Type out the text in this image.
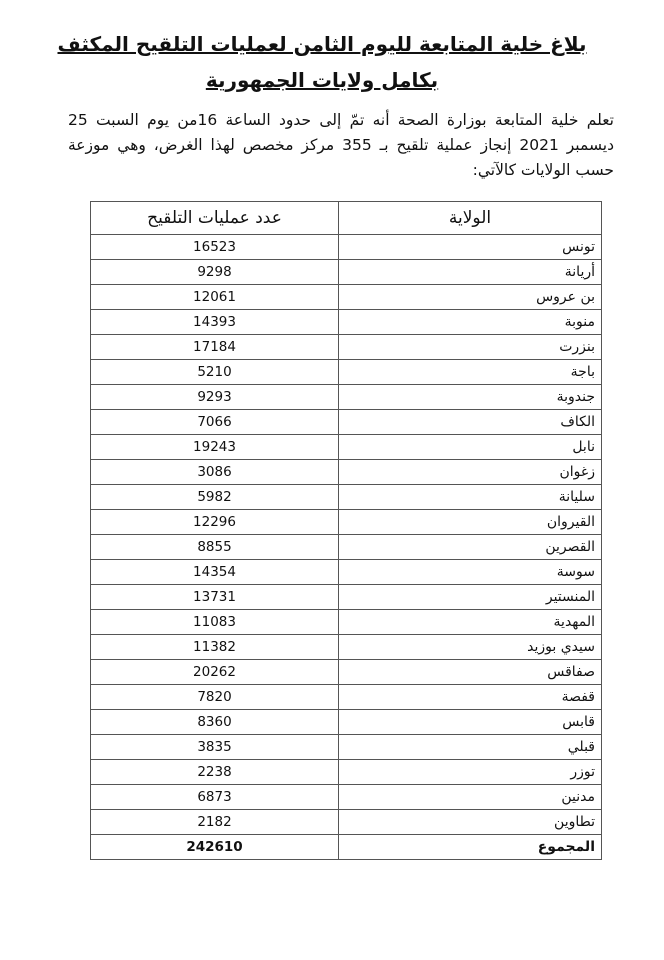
بلاغ خلية المتابعة لليوم الثامن لعمليات التلقيح المكثف بكامل ولايات الجمهورية
تعلم خلية المتابعة بوزارة الصحة أنه تمّ إلى حدود الساعة 16من يوم السبت 25 ديسمبر 2021 إنجاز عملية تلقيح بـ 355 مركز مخصص لهذا الغرض، وهي موزعة حسب الولايات كالآتي:
الولاية	عدد عمليات التلقيح
تونس	16523
أريانة	9298
بن عروس	12061
منوبة	14393
بنزرت	17184
باجة	5210
جندوبة	9293
الكاف	7066
نابل	19243
زغوان	3086
سليانة	5982
القيروان	12296
القصرين	8855
سوسة	14354
المنستير	13731
المهدية	11083
سيدي بوزيد	11382
صفاقس	20262
قفصة	7820
قابس	8360
قبلي	3835
توزر	2238
مدنين	6873
تطاوين	2182
المجموع	242610
